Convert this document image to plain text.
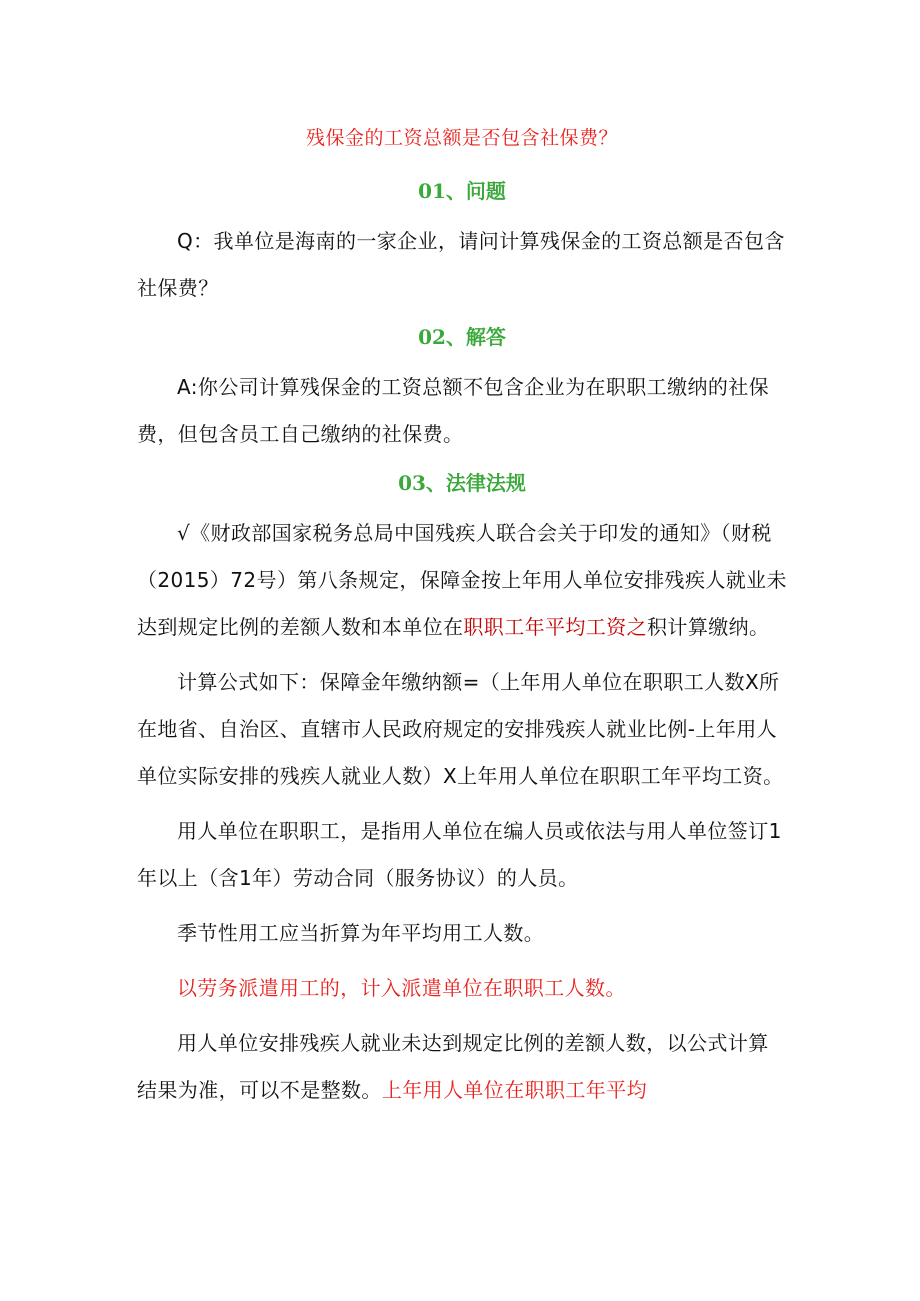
残保金的工资总额是否包含社保费？
01、问题

Q：我单位是海南的一家企业，请问计算残保金的工资总额是否包含社保费？

02、解答

A:你公司计算残保金的工资总额不包含企业为在职职工缴纳的社保费，但包含员工自己缴纳的社保费。

03、法律法规

√《财政部国家税务总局中国残疾人联合会关于印发的通知》（财税（2015）72号）第八条规定，保障金按上年用人单位安排残疾人就业未达到规定比例的差额人数和本单位在职职工年平均工资之积计算缴纳。

计算公式如下：保障金年缴纳额=（上年用人单位在职职工人数X所在地省、自治区、直辖市人民政府规定的安排残疾人就业比例-上年用人单位实际安排的残疾人就业人数）X上年用人单位在职职工年平均工资。

用人单位在职职工，是指用人单位在编人员或依法与用人单位签订1年以上（含1年）劳动合同（服务协议）的人员。

季节性用工应当折算为年平均用工人数。

以劳务派遣用工的，计入派遣单位在职职工人数。

用人单位安排残疾人就业未达到规定比例的差额人数，以公式计算结果为准，可以不是整数。上年用人单位在职职工年平均
